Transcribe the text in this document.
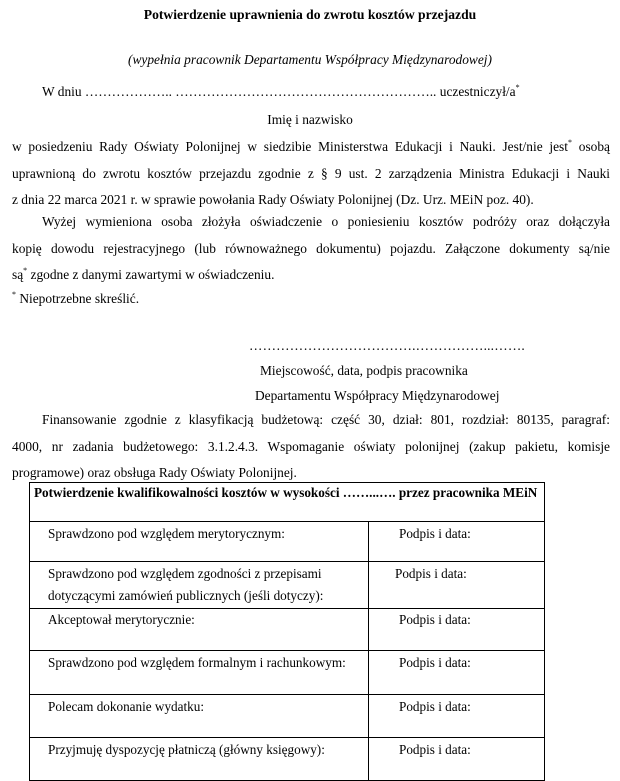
Potwierdzenie uprawnienia do zwrotu kosztów przejazdu
(wypełnia pracownik Departamentu Współpracy Międzynarodowej)
W dniu ……………….. ………………………………………………….. uczestniczył/a*
Imię i nazwisko
w posiedzeniu Rady Oświaty Polonijnej w siedzibie Ministerstwa Edukacji i Nauki. Jest/nie jest* osobą
uprawnioną do zwrotu kosztów przejazdu zgodnie z § 9 ust. 2 zarządzenia Ministra Edukacji i Nauki
z dnia 22 marca 2021 r. w sprawie powołania Rady Oświaty Polonijnej (Dz. Urz. MEiN poz. 40).
Wyżej wymieniona osoba złożyła oświadczenie o poniesieniu kosztów podróży oraz dołączyła
kopię dowodu rejestracyjnego (lub równoważnego dokumentu) pojazdu. Załączone dokumenty są/nie
są* zgodne z danymi zawartymi w oświadczeniu.
* Niepotrzebne skreślić.
……………………………….……………...…….
Miejscowość, data, podpis pracownika
Departamentu Współpracy Międzynarodowej
Finansowanie zgodnie z klasyfikacją budżetową: część 30, dział: 801, rozdział: 80135, paragraf:
4000, nr zadania budżetowego: 3.1.2.4.3. Wspomaganie oświaty polonijnej (zakup pakietu, komisje
programowe) oraz obsługa Rady Oświaty Polonijnej.
Potwierdzenie kwalifikowalności kosztów w wysokości ……...…. przez pracownika MEiN	
Sprawdzono pod względem merytorycznym:	Podpis i data:
Sprawdzono pod względem zgodności z przepisami
dotyczącymi zamówień publicznych (jeśli dotyczy):	Podpis i data:
Akceptował merytorycznie:	Podpis i data:
Sprawdzono pod względem formalnym i rachunkowym:	Podpis i data:
Polecam dokonanie wydatku:	Podpis i data:
Przyjmuję dyspozycję płatniczą (główny księgowy):	Podpis i data:
